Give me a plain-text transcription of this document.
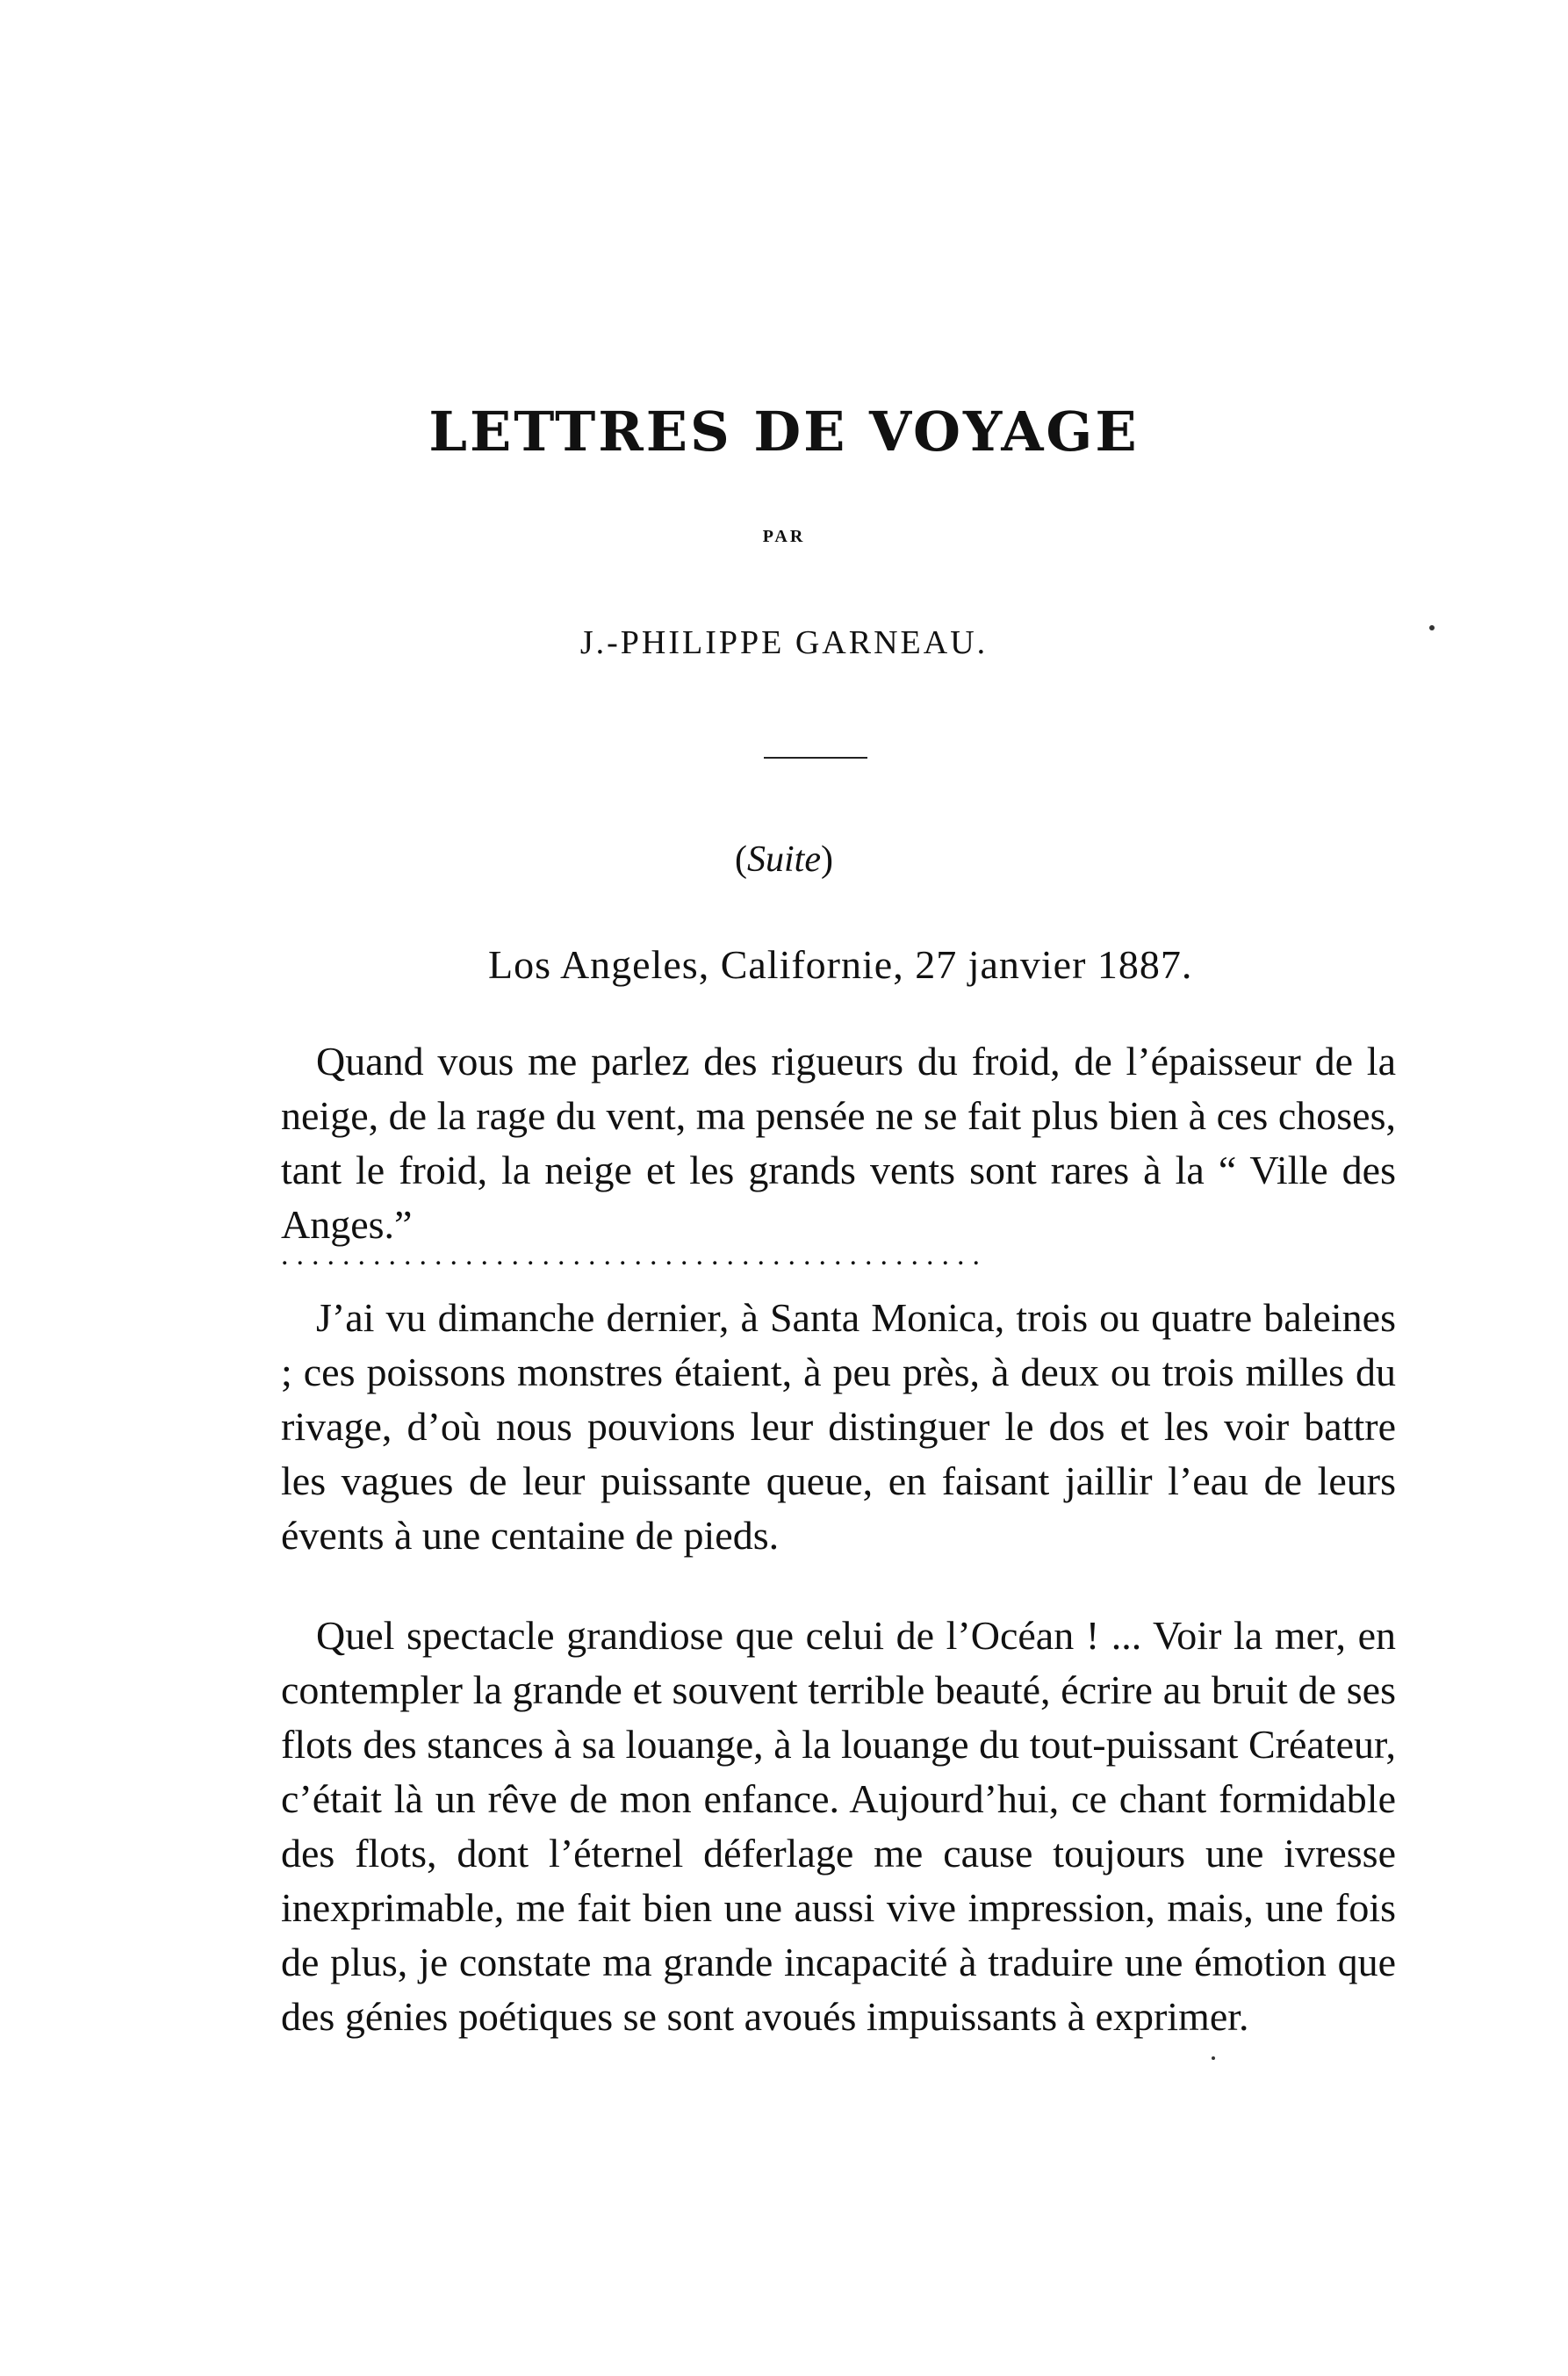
LETTRES DE VOYAGE
PAR
J.-PHILIPPE GARNEAU.
(Suite)
Los Angeles, Californie, 27 janvier 1887.

Quand vous me parlez des rigueurs du froid, de l’épaisseur de la neige, de la rage du vent, ma pensée ne se fait plus bien à ces choses, tant le froid, la neige et les grands vents sont rares à la “ Ville des Anges.”

..............................................

J’ai vu dimanche dernier, à Santa Monica, trois ou quatre baleines ; ces poissons monstres étaient, à peu près, à deux ou trois milles du rivage, d’où nous pouvions leur distinguer le dos et les voir battre les vagues de leur puissante queue, en faisant jaillir l’eau de leurs évents à une centaine de pieds.

Quel spectacle grandiose que celui de l’Océan ! ... Voir la mer, en contempler la grande et souvent terrible beauté, écrire au bruit de ses flots des stances à sa louange, à la louange du tout-puissant Créateur, c’était là un rêve de mon enfance. Aujourd’hui, ce chant formidable des flots, dont l’éternel déferlage me cause toujours une ivresse inexprimable, me fait bien une aussi vive impression, mais, une fois de plus, je constate ma grande incapacité à traduire une émotion que des génies poétiques se sont avoués impuissants à exprimer.
